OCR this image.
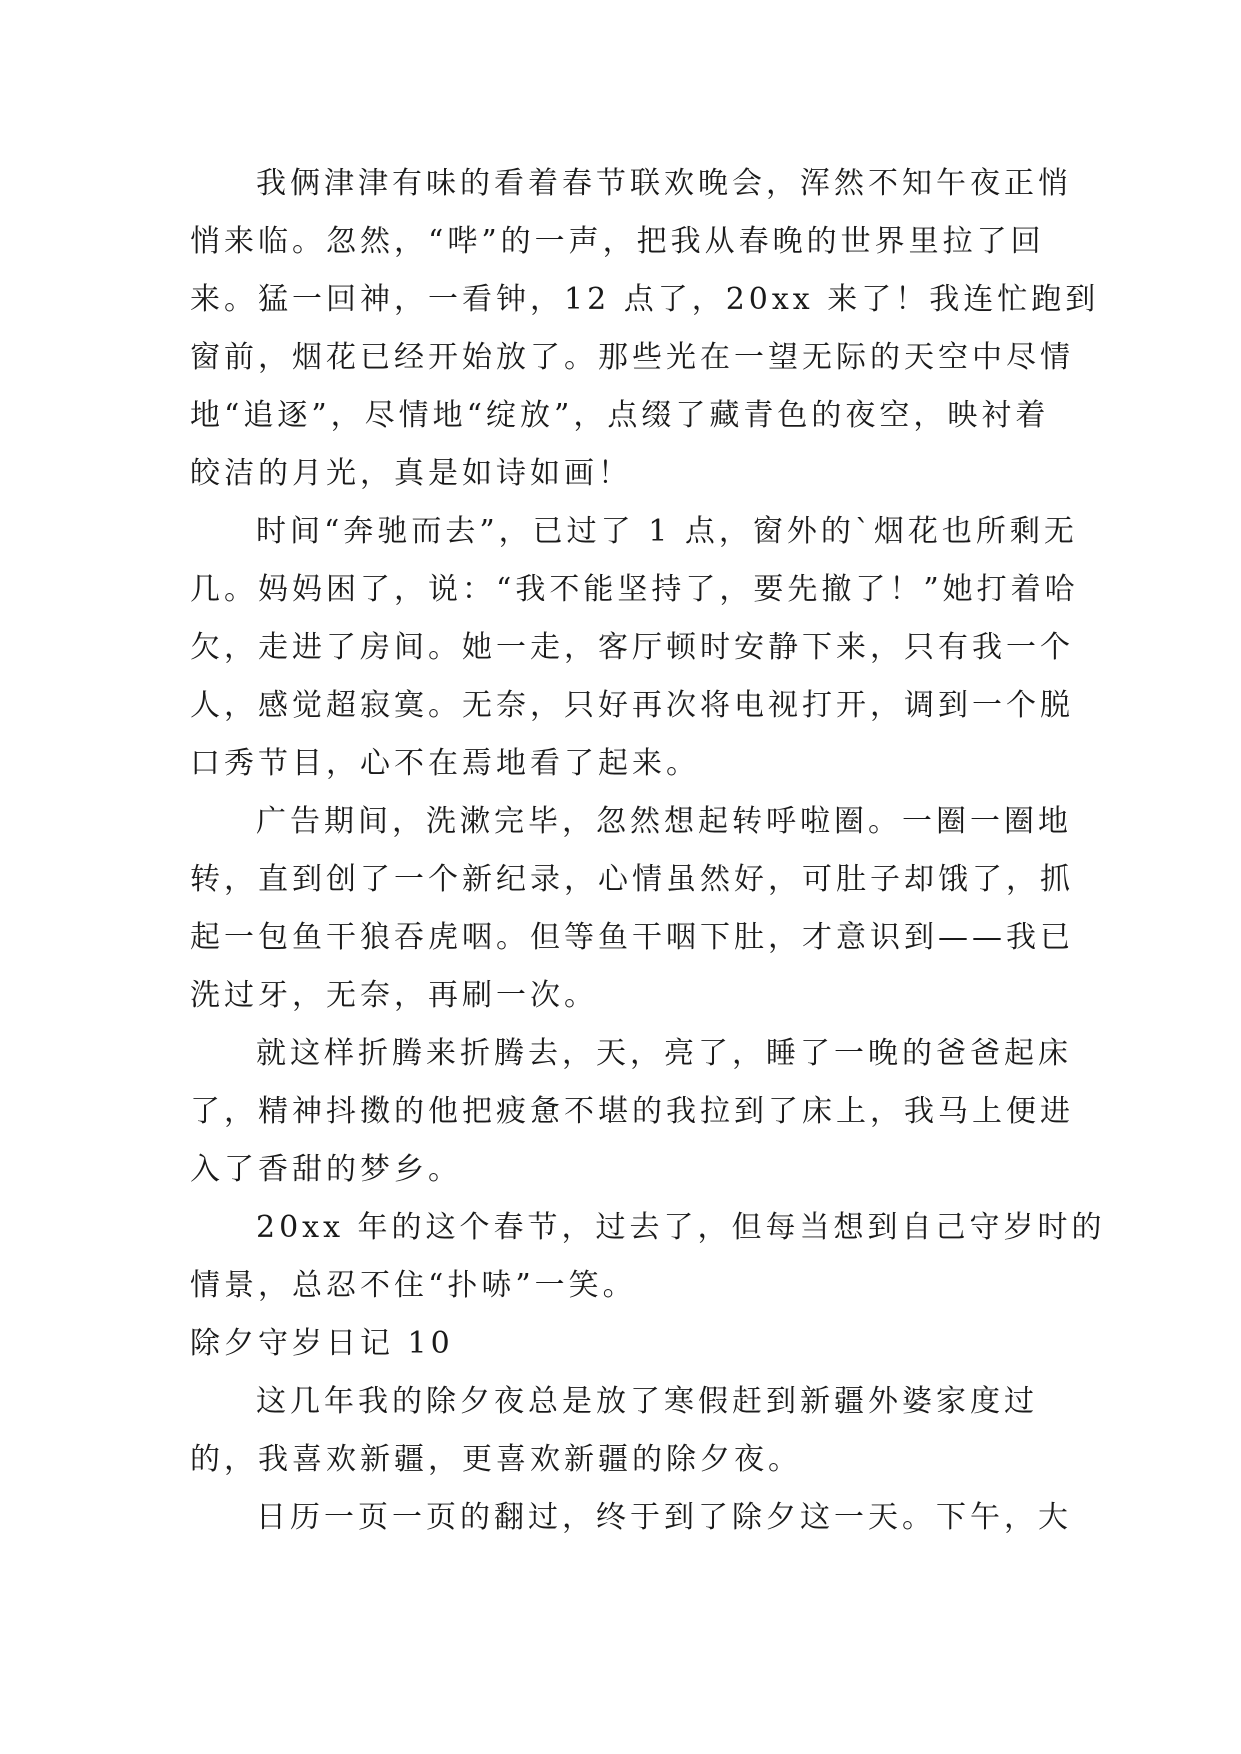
我俩津津有味的看着春节联欢晚会，浑然不知午夜正悄
悄来临。忽然，“哔”的一声，把我从春晚的世界里拉了回
来。猛一回神，一看钟，12 点了，20xx 来了！我连忙跑到
窗前，烟花已经开始放了。那些光在一望无际的天空中尽情
地“追逐”，尽情地“绽放”，点缀了藏青色的夜空，映衬着
皎洁的月光，真是如诗如画！
时间“奔驰而去”，已过了 1 点，窗外的`烟花也所剩无
几。妈妈困了，说：“我不能坚持了，要先撤了！”她打着哈
欠，走进了房间。她一走，客厅顿时安静下来，只有我一个
人，感觉超寂寞。无奈，只好再次将电视打开，调到一个脱
口秀节目，心不在焉地看了起来。
广告期间，洗漱完毕，忽然想起转呼啦圈。一圈一圈地
转，直到创了一个新纪录，心情虽然好，可肚子却饿了，抓
起一包鱼干狼吞虎咽。但等鱼干咽下肚，才意识到——我已
洗过牙，无奈，再刷一次。
就这样折腾来折腾去，天，亮了，睡了一晚的爸爸起床
了，精神抖擞的他把疲惫不堪的我拉到了床上，我马上便进
入了香甜的梦乡。
20xx 年的这个春节，过去了，但每当想到自己守岁时的
情景，总忍不住“扑哧”一笑。
除夕守岁日记 10
这几年我的除夕夜总是放了寒假赶到新疆外婆家度过
的，我喜欢新疆，更喜欢新疆的除夕夜。
日历一页一页的翻过，终于到了除夕这一天。下午，大
